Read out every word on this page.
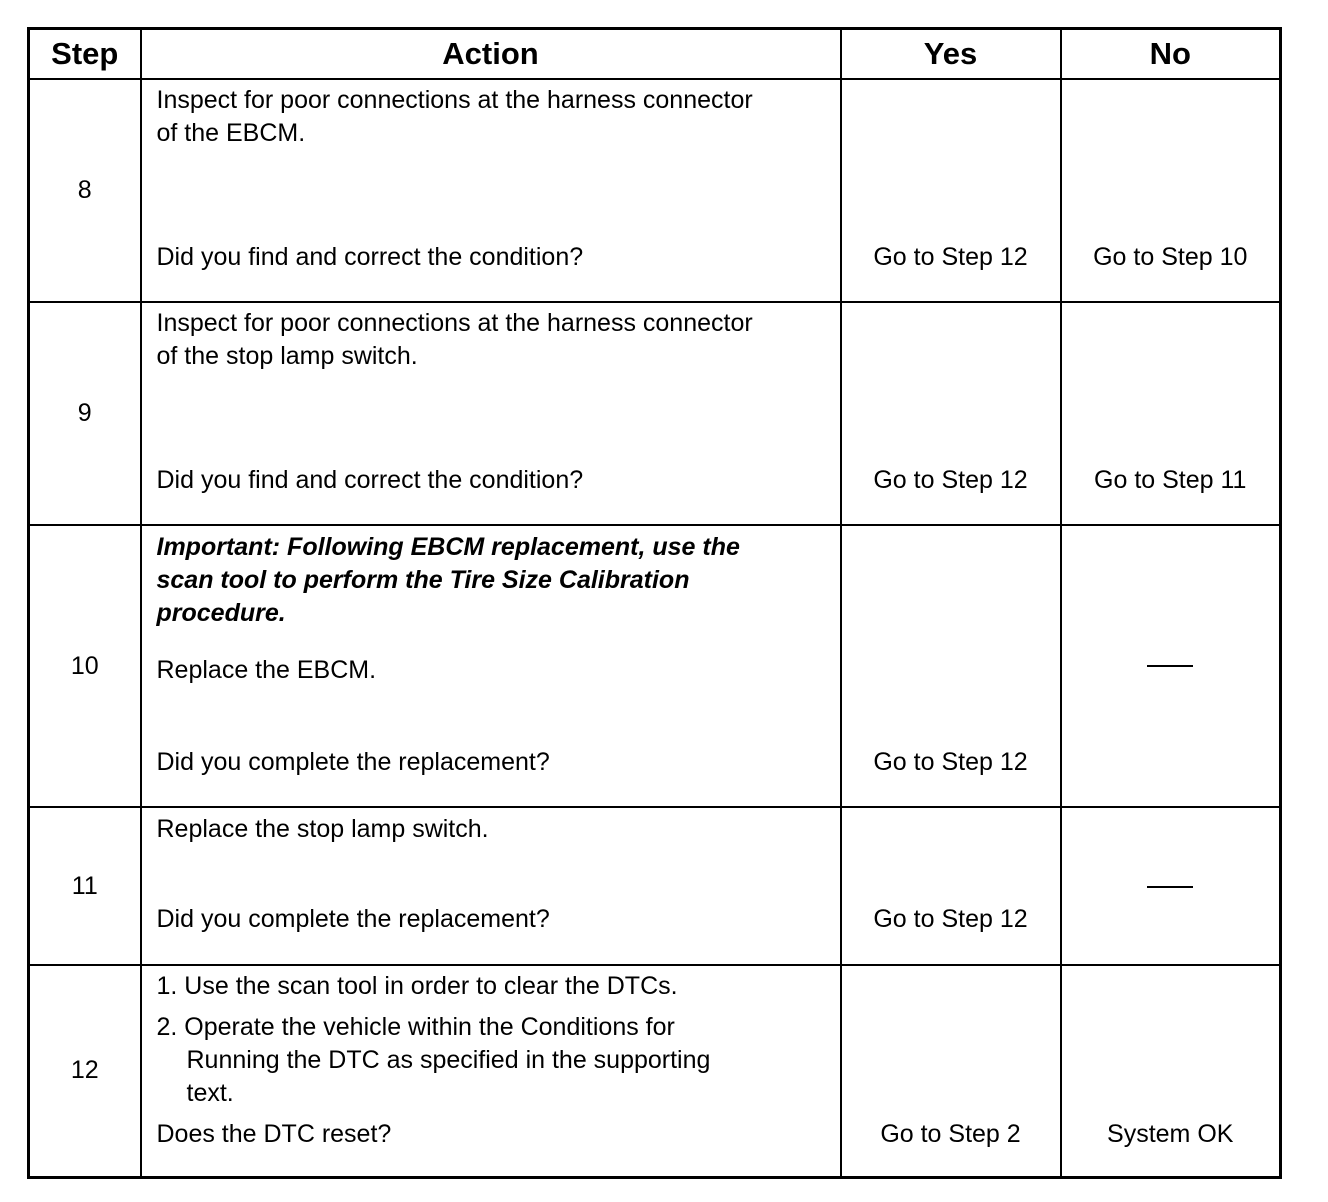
Step	Action	Yes	No
8	Inspect for poor connections at the harness connector
of the EBCM.
Did you find and correct the condition?	Go to Step 12	Go to Step 10

9	Inspect for poor connections at the harness connector
of the stop lamp switch.
Did you find and correct the condition?	Go to Step 12	Go to Step 11

10	Important: Following EBCM replacement, use the
scan tool to perform the Tire Size Calibration
procedure.
Replace the EBCM.
Did you complete the replacement?	Go to Step 12	

11	Replace the stop lamp switch.
Did you complete the replacement?	Go to Step 12	

12	1. Use the scan tool in order to clear the DTCs.
2. Operate the vehicle within the Conditions for
Running the DTC as specified in the supporting
text.
Does the DTC reset?	Go to Step 2	System OK
